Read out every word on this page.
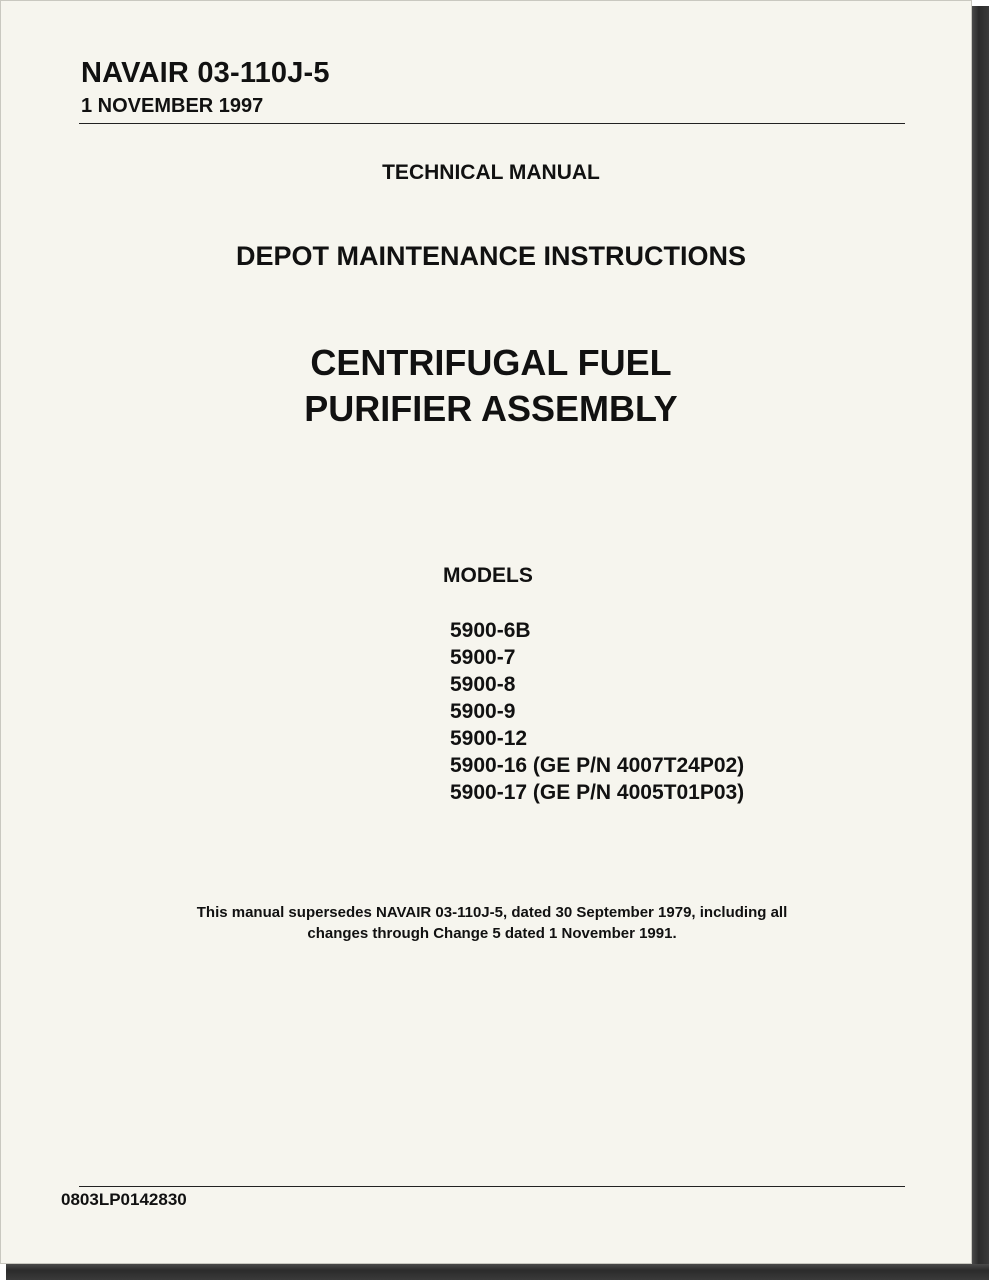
NAVAIR 03-110J-5

1 NOVEMBER 1997

TECHNICAL MANUAL

DEPOT MAINTENANCE INSTRUCTIONS

CENTRIFUGAL FUEL

PURIFIER ASSEMBLY

MODELS

5900-6B
5900-7
5900-8
5900-9
5900-12
5900-16 (GE P/N 4007T24P02)
5900-17 (GE P/N 4005T01P03)
This manual supersedes NAVAIR 03-110J-5, dated 30 September 1979, including all
changes through Change 5 dated 1 November 1991.

0803LP0142830
